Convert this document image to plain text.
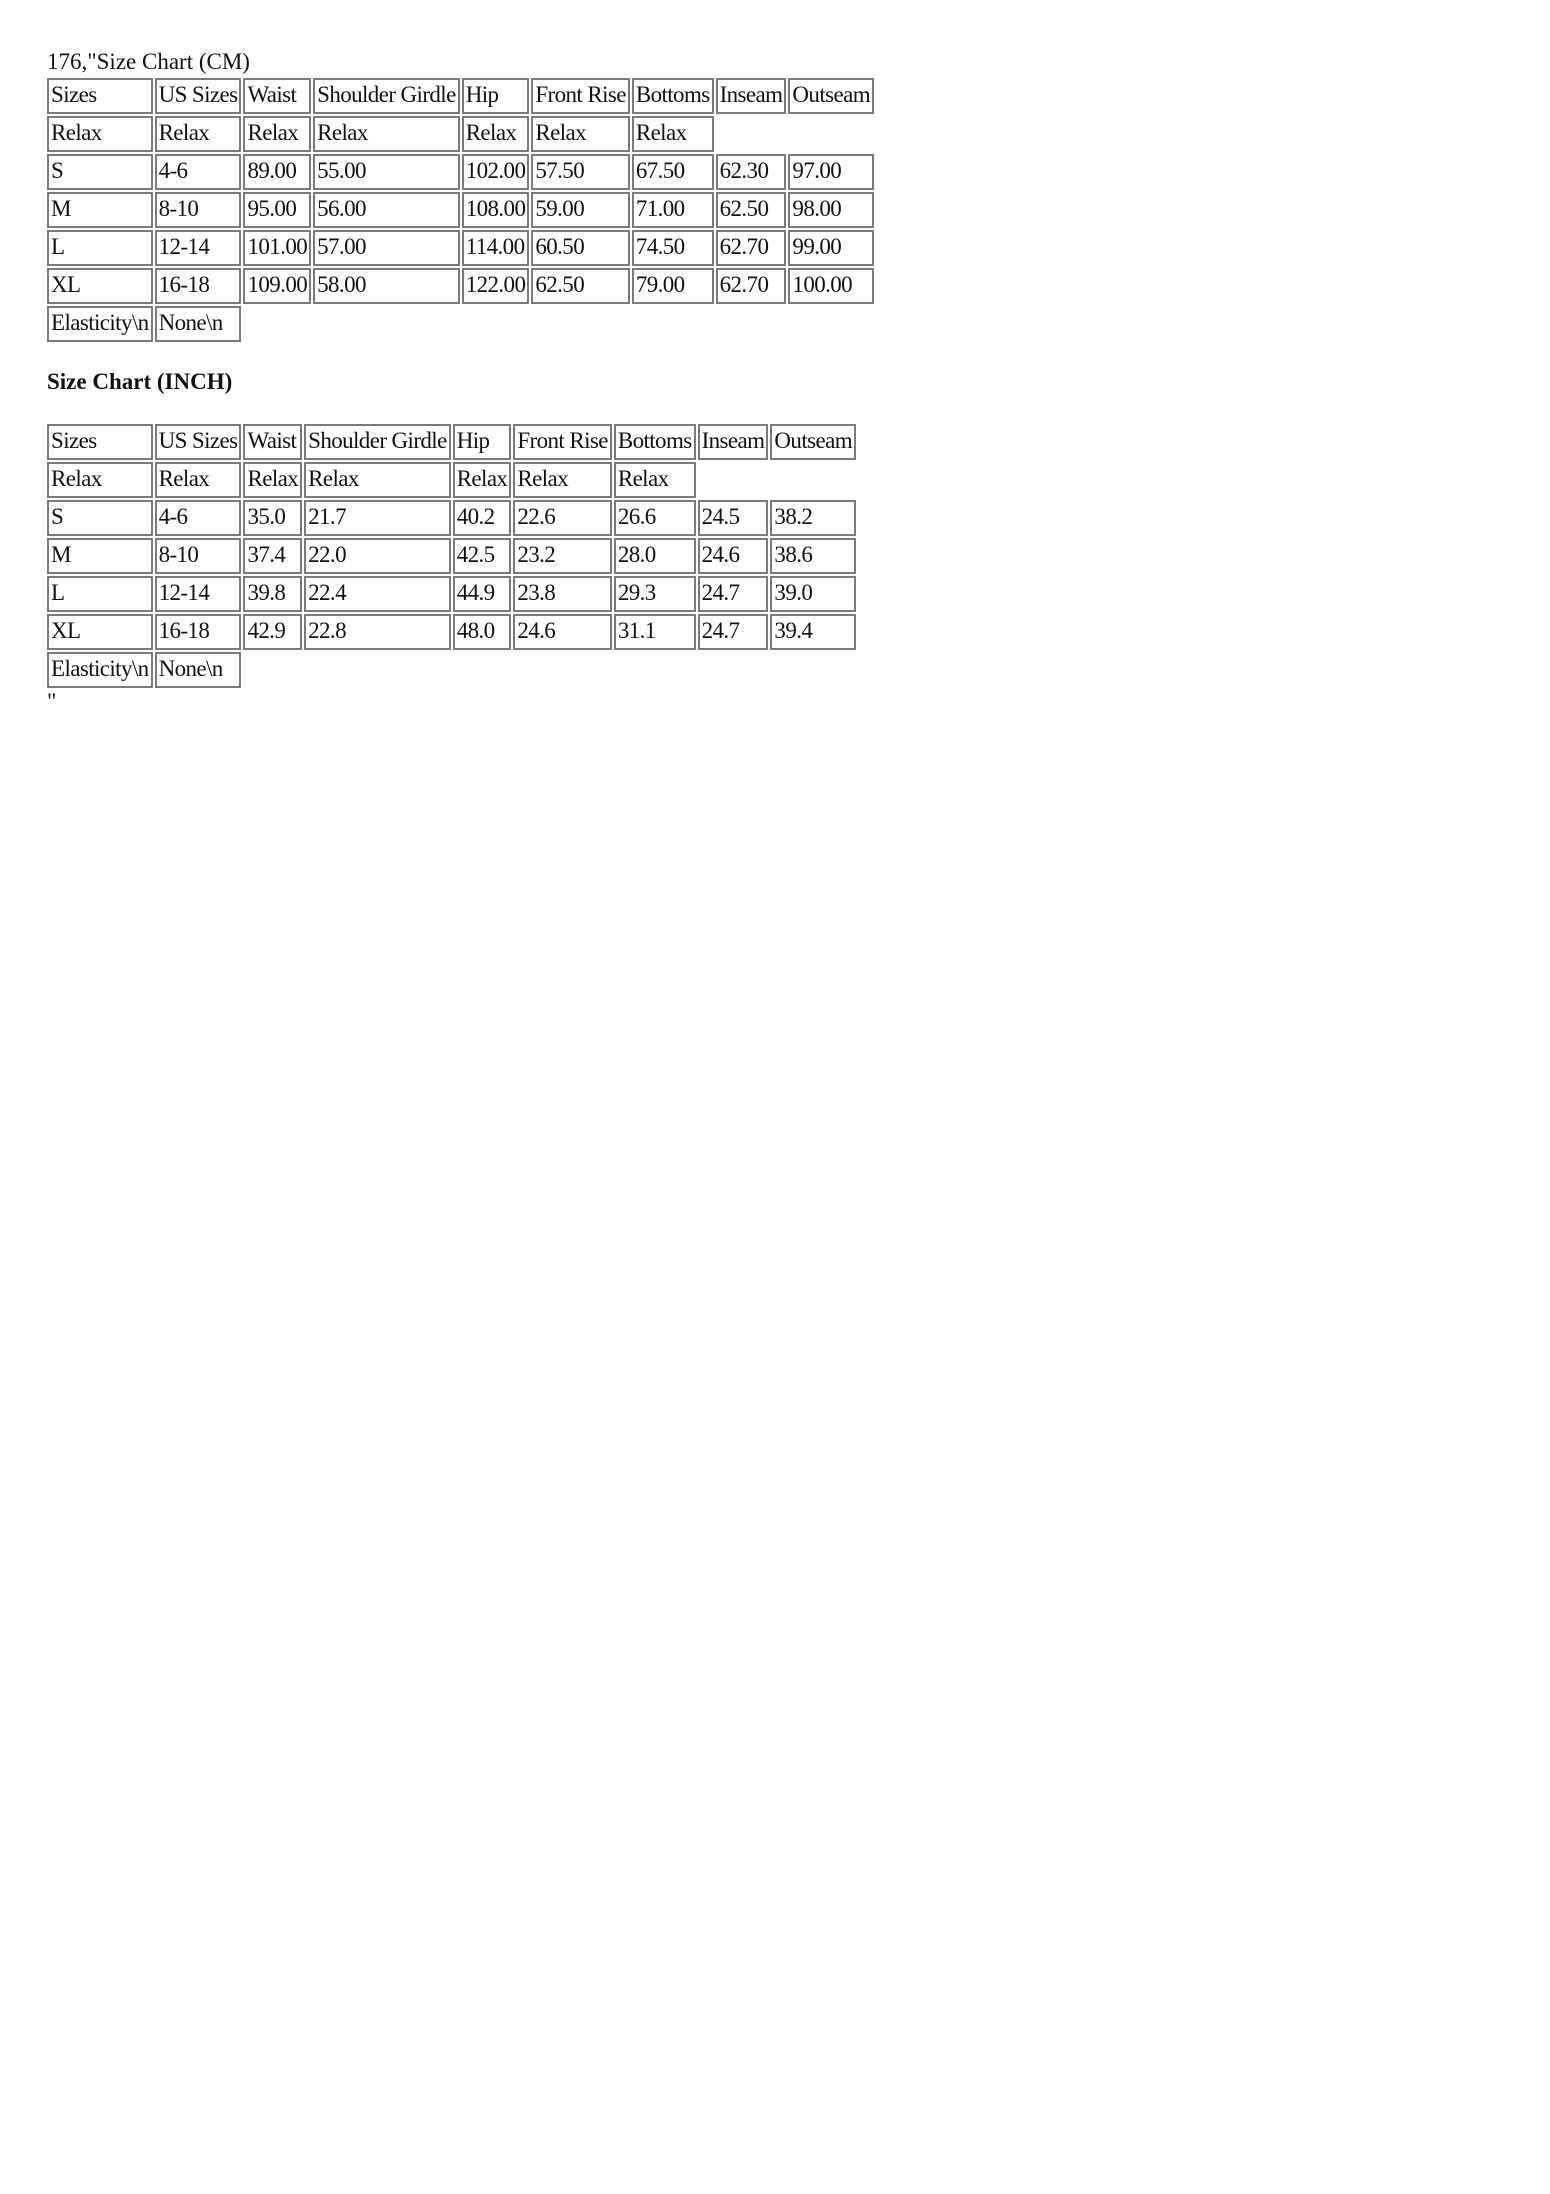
176,"Size Chart (CM)
Sizes	US Sizes	Waist	Shoulder Girdle	Hip	Front Rise	Bottoms	Inseam	Outseam
Relax	Relax	Relax	Relax	Relax	Relax	Relax		
S	4-6	89.00	55.00	102.00	57.50	67.50	62.30	97.00
M	8-10	95.00	56.00	108.00	59.00	71.00	62.50	98.00
L	12-14	101.00	57.00	114.00	60.50	74.50	62.70	99.00
XL	16-18	109.00	58.00	122.00	62.50	79.00	62.70	100.00
Elasticity\n	None\n							
Size Chart (INCH)
Sizes	US Sizes	Waist	Shoulder Girdle	Hip	Front Rise	Bottoms	Inseam	Outseam
Relax	Relax	Relax	Relax	Relax	Relax	Relax		
S	4-6	35.0	21.7	40.2	22.6	26.6	24.5	38.2
M	8-10	37.4	22.0	42.5	23.2	28.0	24.6	38.6
L	12-14	39.8	22.4	44.9	23.8	29.3	24.7	39.0
XL	16-18	42.9	22.8	48.0	24.6	31.1	24.7	39.4
Elasticity\n	None\n							
"
